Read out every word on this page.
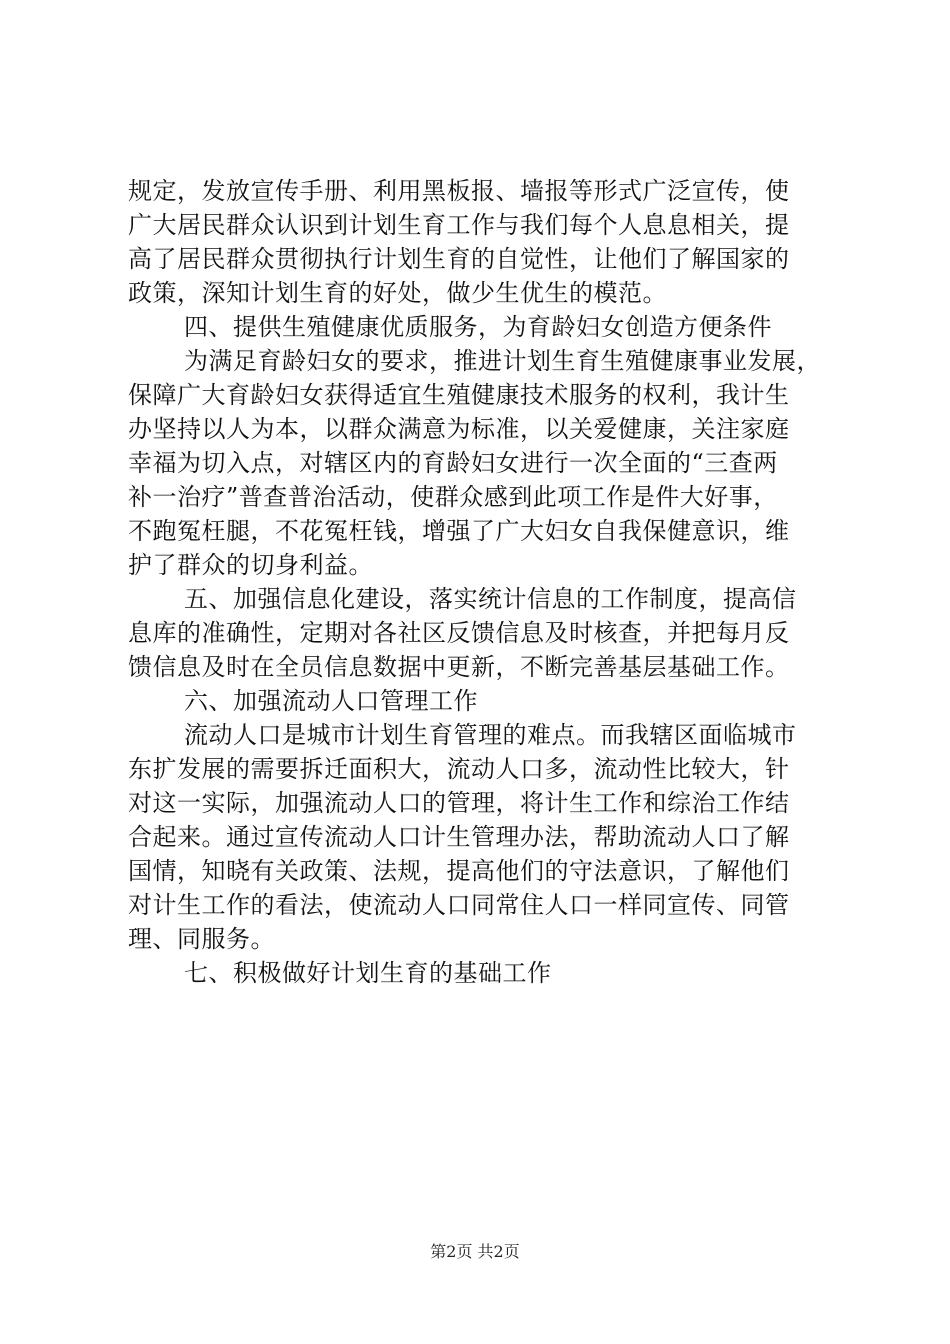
规定，发放宣传手册、利用黑板报、墙报等形式广泛宣传，使
广大居民群众认识到计划生育工作与我们每个人息息相关，提
高了居民群众贯彻执行计划生育的自觉性，让他们了解国家的
政策，深知计划生育的好处，做少生优生的模范。
四、提供生殖健康优质服务，为育龄妇女创造方便条件
为满足育龄妇女的要求，推进计划生育生殖健康事业发展，
保障广大育龄妇女获得适宜生殖健康技术服务的权利，我计生
办坚持以人为本，以群众满意为标准，以关爱健康，关注家庭
幸福为切入点，对辖区内的育龄妇女进行一次全面的“三查两
补一治疗”普查普治活动，使群众感到此项工作是件大好事，
不跑冤枉腿，不花冤枉钱，增强了广大妇女自我保健意识，维
护了群众的切身利益。
五、加强信息化建设，落实统计信息的工作制度，提高信
息库的准确性，定期对各社区反馈信息及时核查，并把每月反
馈信息及时在全员信息数据中更新，不断完善基层基础工作。
六、加强流动人口管理工作
流动人口是城市计划生育管理的难点。而我辖区面临城市
东扩发展的需要拆迁面积大，流动人口多，流动性比较大，针
对这一实际，加强流动人口的管理，将计生工作和综治工作结
合起来。通过宣传流动人口计生管理办法，帮助流动人口了解
国情，知晓有关政策、法规，提高他们的守法意识，了解他们
对计生工作的看法，使流动人口同常住人口一样同宣传、同管
理、同服务。
七、积极做好计划生育的基础工作
第2页 共2页
